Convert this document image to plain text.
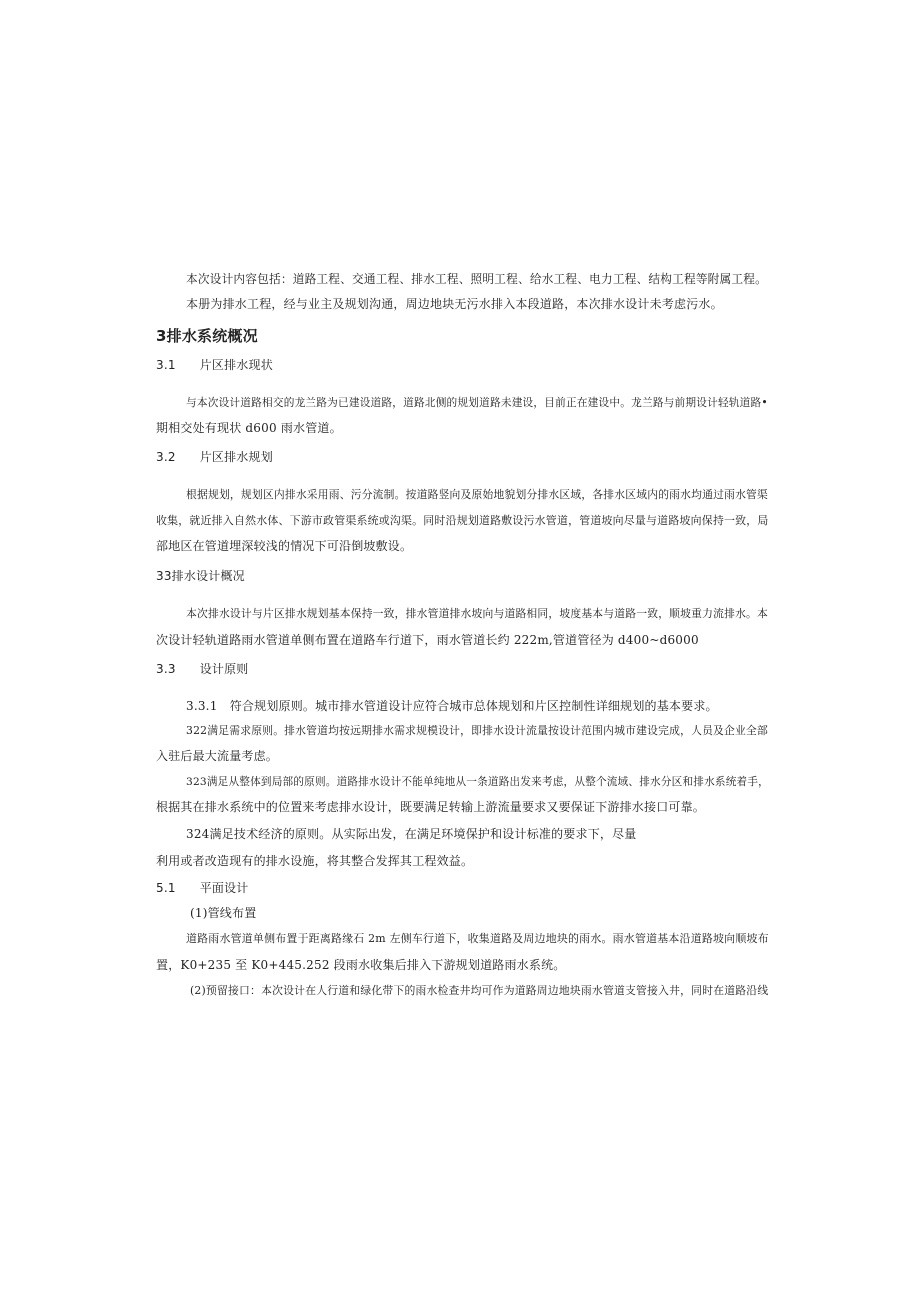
本次设计内容包括：道路工程、交通工程、排水工程、照明工程、给水工程、电力工程、结构工程等附属工程。
本册为排水工程，经与业主及规划沟通，周边地块无污水排入本段道路，本次排水设计未考虑污水。
3排水系统概况
3.1 片区排水现状
与本次设计道路相交的龙兰路为已建设道路，道路北侧的规划道路未建设，目前正在建设中。龙兰路与前期设计轻轨道路•
期相交处有现状 d600 雨水管道。
3.2 片区排水规划
根据规划，规划区内排水采用雨、污分流制。按道路竖向及原始地貌划分排水区域，各排水区域内的雨水均通过雨水管渠
收集，就近排入自然水体、下游市政管渠系统或沟渠。同时沿规划道路敷设污水管道，管道坡向尽量与道路坡向保持一致，局
部地区在管道埋深较浅的情况下可沿倒坡敷设。
33排水设计概况
本次排水设计与片区排水规划基本保持一致，排水管道排水坡向与道路相同，坡度基本与道路一致，顺坡重力流排水。本
次设计轻轨道路雨水管道单侧布置在道路车行道下，雨水管道长约 222m,管道管径为 d400~d6000
3.3 设计原则
3.3.1　符合规划原则。城市排水管道设计应符合城市总体规划和片区控制性详细规划的基本要求。
322满足需求原则。排水管道均按远期排水需求规模设计，即排水设计流量按设计范围内城市建设完成，人员及企业全部
入驻后最大流量考虑。
323满足从整体到局部的原则。道路排水设计不能单纯地从一条道路出发来考虑，从整个流域、排水分区和排水系统着手，
根据其在排水系统中的位置来考虑排水设计，既要满足转输上游流量要求又要保证下游排水接口可靠。
324满足技术经济的原则。从实际出发，在满足环境保护和设计标准的要求下，尽量
利用或者改造现有的排水设施，将其整合发挥其工程效益。
5.1 平面设计
(1)管线布置
道路雨水管道单侧布置于距离路缘石 2m 左侧车行道下，收集道路及周边地块的雨水。雨水管道基本沿道路坡向顺坡布
置，K0+235 至 K0+445.252 段雨水收集后排入下游规划道路雨水系统。
(2)预留接口：本次设计在人行道和绿化带下的雨水检查井均可作为道路周边地块雨水管道支管接入井，同时在道路沿线
